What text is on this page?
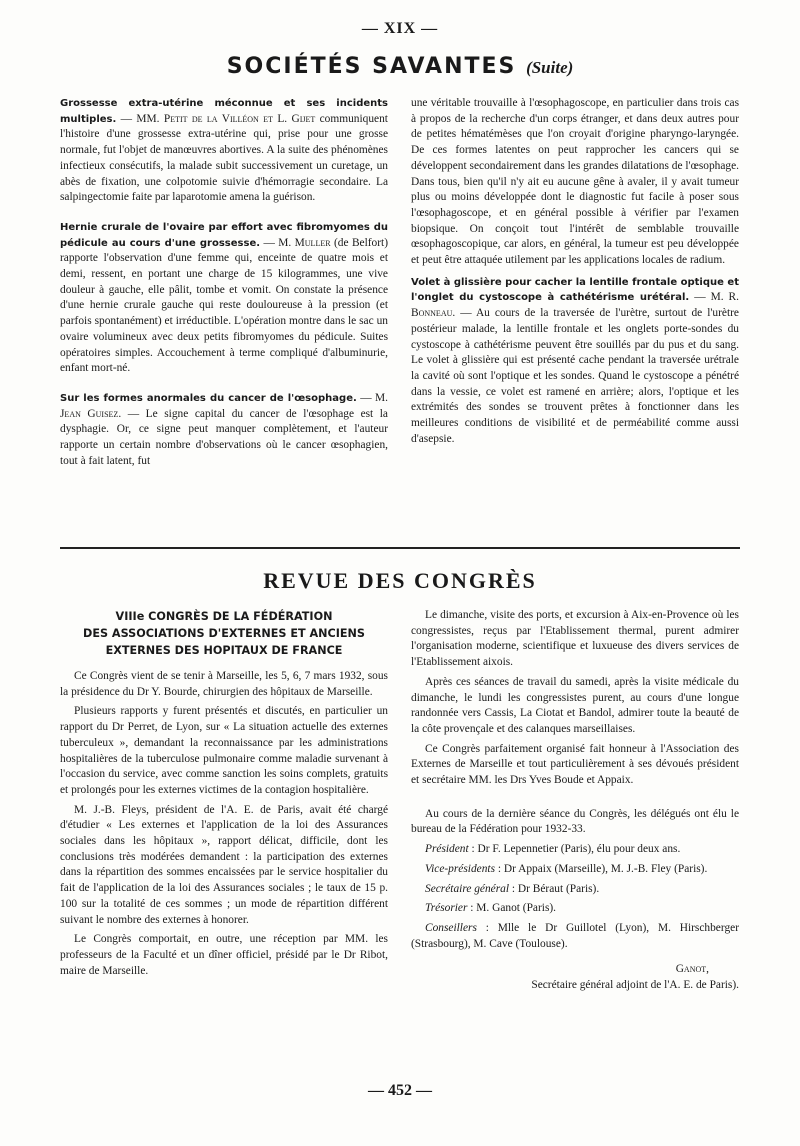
— XIX —
SOCIÉTÉS SAVANTES (Suite)

Grossesse extra-utérine méconnue et ses incidents multiples. — MM. Petit de la Villéon et L. Gijet communiquent l'histoire d'une grossesse extra-utérine qui, prise pour une grosse normale, fut l'objet de manœuvres abortives. A la suite des phénomènes infectieux consécutifs, la malade subit successivement un curetage, un abès de fixation, une colpotomie suivie d'hémorragie secondaire. La salpingectomie faite par laparotomie amena la guérison.

Hernie crurale de l'ovaire par effort avec fibromyomes du pédicule au cours d'une grossesse. — M. Muller (de Belfort) rapporte l'observation d'une femme qui, enceinte de quatre mois et demi, ressent, en portant une charge de 15 kilogrammes, une vive douleur à gauche, elle pâlit, tombe et vomit. On constate la présence d'une hernie crurale gauche qui reste douloureuse à la pression (et parfois spontanément) et irréductible. L'opération montre dans le sac un ovaire volumineux avec deux petits fibromyomes du pédicule. Suites opératoires simples. Accouchement à terme compliqué d'albuminurie, enfant mort-né.

Sur les formes anormales du cancer de l'œsophage. — M. Jean Guisez. — Le signe capital du cancer de l'œsophage est la dysphagie. Or, ce signe peut manquer complètement, et l'auteur rapporte un certain nombre d'observations où le cancer œsophagien, tout à fait latent, fut

une véritable trouvaille à l'œsophagoscope, en particulier dans trois cas à propos de la recherche d'un corps étranger, et dans deux autres pour de petites hématémèses que l'on croyait d'origine pharyngo-laryngée. De ces formes latentes on peut rapprocher les cancers qui se développent secondairement dans les grandes dilatations de l'œsophage. Dans tous, bien qu'il n'y ait eu aucune gêne à avaler, il y avait tumeur plus ou moins développée dont le diagnostic fut facile à poser sous l'œsophagoscope, et en général possible à vérifier par l'examen biopsique. On conçoit tout l'intérêt de semblable trouvaille œsophagoscopique, car alors, en général, la tumeur est peu développée et peut être attaquée utilement par les applications locales de radium.

Volet à glissière pour cacher la lentille frontale optique et l'onglet du cystoscope à cathétérisme urétéral. — M. R. Bonneau. — Au cours de la traversée de l'urètre, surtout de l'urètre postérieur malade, la lentille frontale et les onglets porte-sondes du cystoscope à cathétérisme peuvent être souillés par du pus et du sang. Le volet à glissière qui est présenté cache pendant la traversée urétrale la cavité où sont l'optique et les sondes. Quand le cystoscope a pénétré dans la vessie, ce volet est ramené en arrière; alors, l'optique et les extrémités des sondes se trouvent prêtes à fonctionner dans les meilleures conditions de visibilité et de perméabilité comme aussi d'asepsie.

REVUE DES CONGRÈS
VIIIe CONGRÈS DE LA FÉDÉRATION
DES ASSOCIATIONS D'EXTERNES ET ANCIENS
EXTERNES DES HOPITAUX DE FRANCE

Ce Congrès vient de se tenir à Marseille, les 5, 6, 7 mars 1932, sous la présidence du Dr Y. Bourde, chirurgien des hôpitaux de Marseille.

Plusieurs rapports y furent présentés et discutés, en particulier un rapport du Dr Perret, de Lyon, sur « La situation actuelle des externes tuberculeux », demandant la reconnaissance par les administrations hospitalières de la tuberculose pulmonaire comme maladie survenant à l'occasion du service, avec comme sanction les soins complets, gratuits et prolongés pour les externes victimes de la contagion hospitalière.

M. J.-B. Fleys, président de l'A. E. de Paris, avait été chargé d'étudier « Les externes et l'application de la loi des Assurances sociales dans les hôpitaux », rapport délicat, difficile, dont les conclusions très modérées demandent : la participation des externes dans la répartition des sommes encaissées par le service hospitalier du fait de l'application de la loi des Assurances sociales ; le taux de 15 p. 100 sur la totalité de ces sommes ; un mode de répartition différent suivant le nombre des externes à honorer.

Le Congrès comportait, en outre, une réception par MM. les professeurs de la Faculté et un dîner officiel, présidé par le Dr Ribot, maire de Marseille.

Le dimanche, visite des ports, et excursion à Aix-en-Provence où les congressistes, reçus par l'Etablissement thermal, purent admirer l'organisation moderne, scientifique et luxueuse des divers services de l'Etablissement aixois.

Après ces séances de travail du samedi, après la visite médicale du dimanche, le lundi les congressistes purent, au cours d'une longue randonnée vers Cassis, La Ciotat et Bandol, admirer toute la beauté de la côte provençale et des calanques marseillaises.

Ce Congrès parfaitement organisé fait honneur à l'Association des Externes de Marseille et tout particulièrement à ses dévoués président et secrétaire MM. les Drs Yves Boude et Appaix.

Au cours de la dernière séance du Congrès, les délégués ont élu le bureau de la Fédération pour 1932-33.

Président : Dr F. Lepennetier (Paris), élu pour deux ans.

Vice-présidents : Dr Appaix (Marseille), M. J.-B. Fley (Paris).

Secrétaire général : Dr Béraut (Paris).

Trésorier : M. Ganot (Paris).

Conseillers : Mlle le Dr Guillotel (Lyon), M. Hirschberger (Strasbourg), M. Cave (Toulouse).

Ganot,
Secrétaire général adjoint de l'A. E. de Paris).
— 452 —
